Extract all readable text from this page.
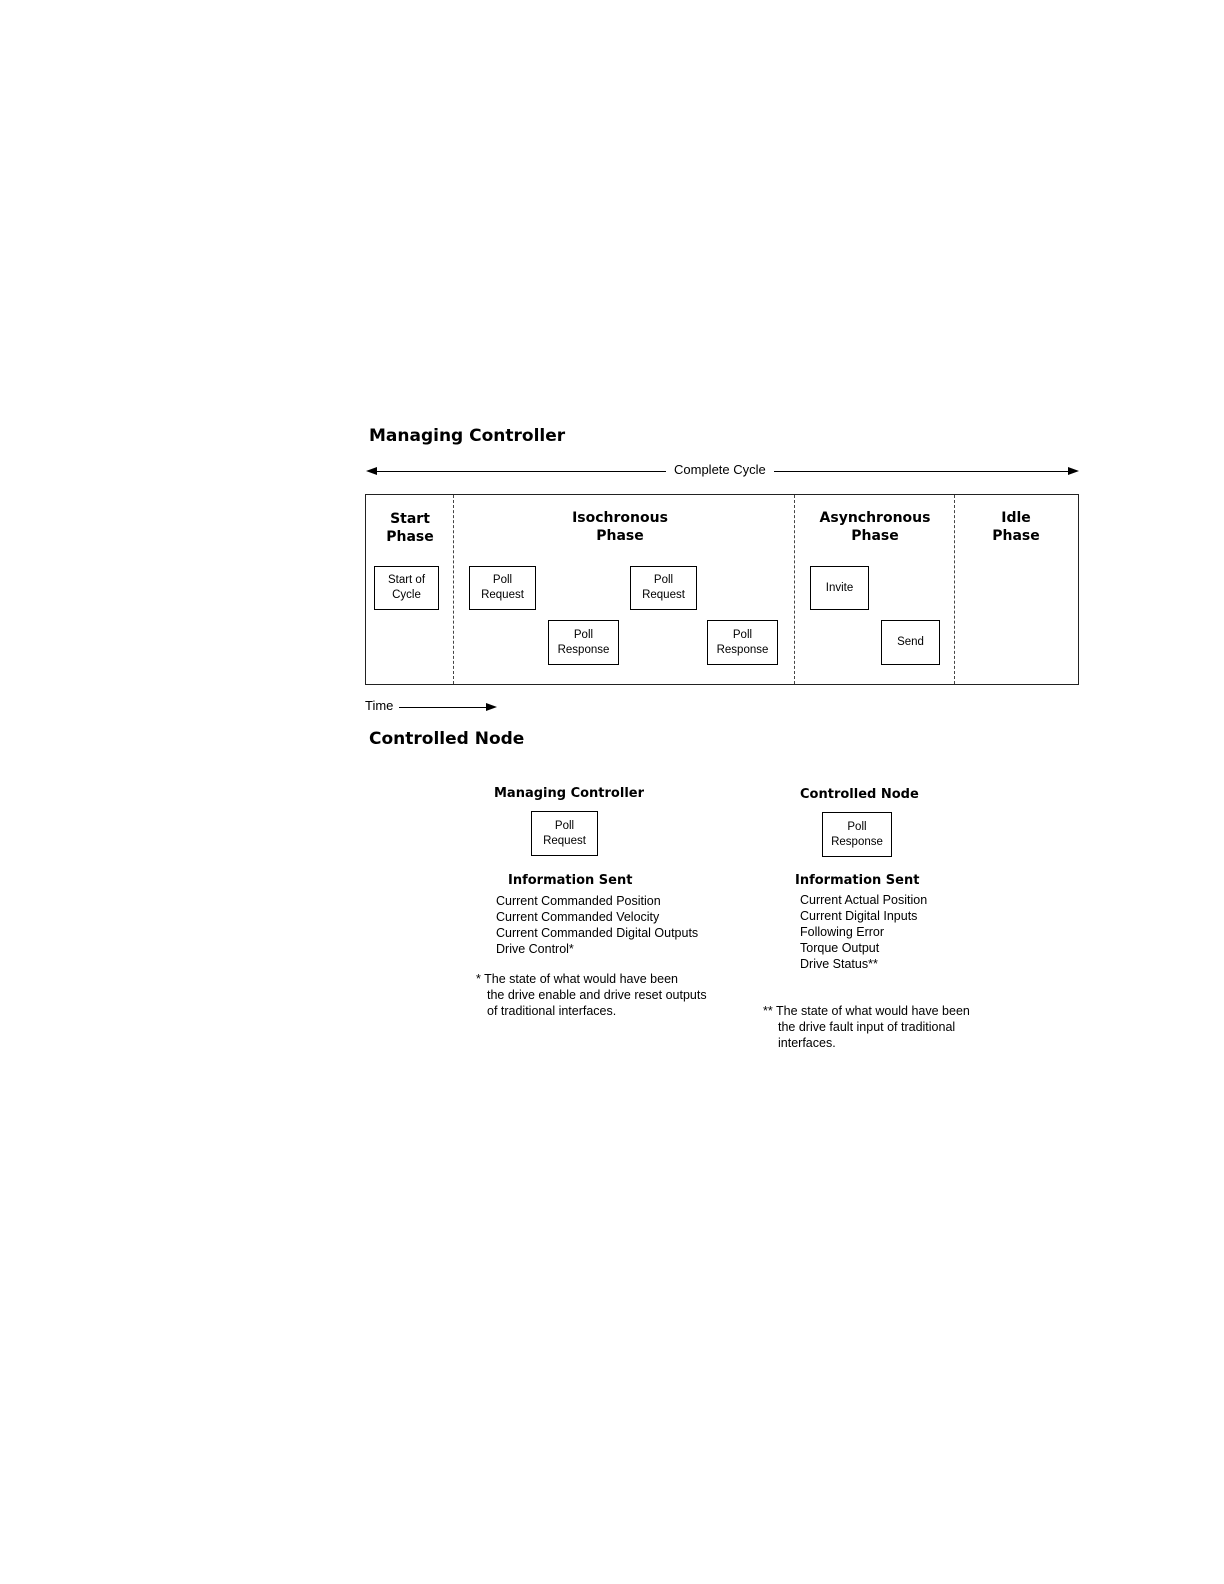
Managing Controller
Complete Cycle
Start
Phase
Isochronous
Phase
Asynchronous
Phase
Idle
Phase
Start of
Cycle
Poll
Request
Poll
Response
Poll
Request
Poll
Response
Invite
Send
Time
Controlled Node
Managing Controller
Poll
Request
Information Sent
Current Commanded Position
Current Commanded Velocity
Current Commanded Digital Outputs
Drive Control*
* The state of what would have been
the drive enable and drive reset outputs
of traditional interfaces.
Controlled Node
Poll
Response
Information Sent
Current Actual Position
Current Digital Inputs
Following Error
Torque Output
Drive Status**
** The state of what would have been
the drive fault input of traditional
interfaces.
